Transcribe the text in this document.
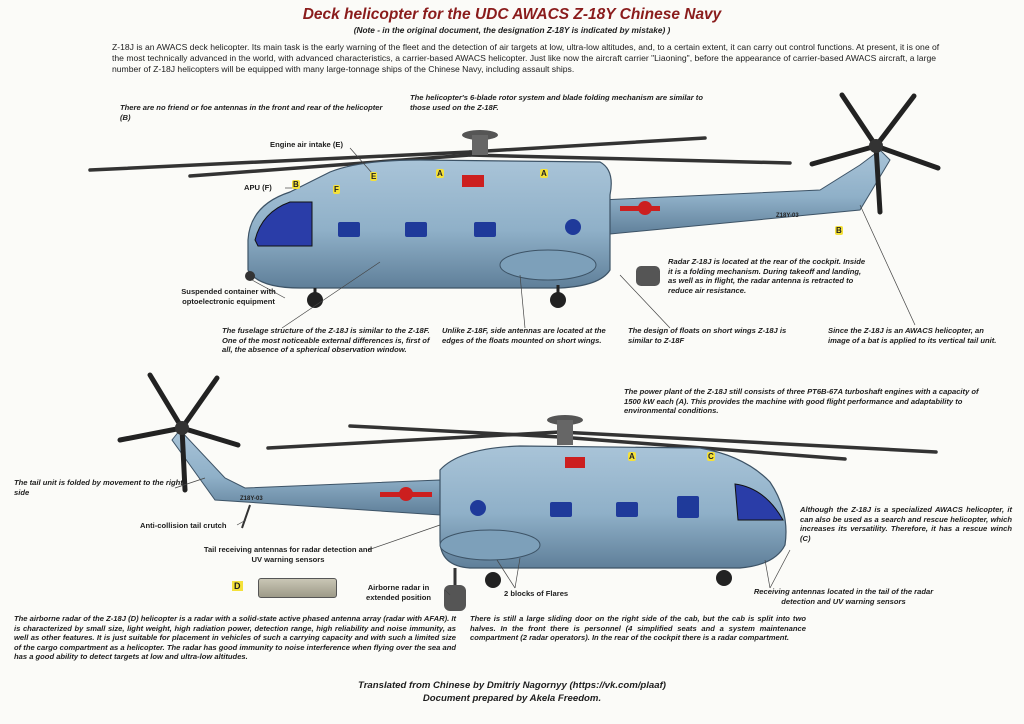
Deck helicopter for the UDC AWACS Z-18Y Chinese Navy
(Note - in the original document, the designation Z-18Y is indicated by mistake) )
Z-18J is an AWACS deck helicopter. Its main task is the early warning of the fleet and the detection of air targets at low, ultra-low altitudes, and, to a certain extent, it can carry out control functions. At present, it is one of the most technically advanced in the world, with advanced characteristics, a carrier-based AWACS helicopter. Just like now the aircraft carrier "Liaoning", before the appearance of carrier-based AWACS aircraft, a large number of Z-18J helicopters will be equipped with many large-tonnage ships of the Chinese Navy, including assault ships.
Z18Y-03
Z18Y-03
B
F
E	A	A
B
A	C
D
There are no friend or foe antennas in the front and rear of the helicopter (B)
The helicopter's 6-blade rotor system and blade folding mechanism are similar to those used on the Z-18F.
Engine air intake (E)
APU (F)
Suspended container with optoelectronic equipment
Radar Z-18J is located at the rear of the cockpit. Inside it is a folding mechanism. During takeoff and landing, as well as in flight, the radar antenna is retracted to reduce air resistance.
The fuselage structure of the Z-18J is similar to the Z-18F. One of the most noticeable external differences is, first of all, the absence of a spherical observation window.
Unlike Z-18F, side antennas are located at the edges of the floats mounted on short wings.
The design of floats on short wings Z-18J is similar to Z-18F
Since the Z-18J is an AWACS helicopter, an image of a bat is applied to its vertical tail unit.
The power plant of the Z-18J still consists of three PT6B-67A turboshaft engines with a capacity of 1500 kW each (A). This provides the machine with good flight performance and adaptability to environmental conditions.
The tail unit is folded by movement to the right side
Anti-collision tail crutch
Tail receiving antennas for radar detection and UV warning sensors
Although the Z-18J is a specialized AWACS helicopter, it can also be used as a search and rescue helicopter, which increases its versatility. Therefore, it has a rescue winch (C)
Airborne radar in extended position	2 blocks of Flares	Receiving antennas located in the tail of the radar detection and UV warning sensors
The airborne radar of the Z-18J (D) helicopter is a radar with a solid-state active phased antenna array (radar with AFAR). It is characterized by small size, light weight, high radiation power, detection range, high reliability and noise immunity, as well as other features. It is just suitable for placement in vehicles of such a carrying capacity and with such a limited size of the cargo compartment as a helicopter. The radar has good immunity to noise interference when flying over the sea and has a good ability to detect targets at low and ultra-low altitudes.
There is still a large sliding door on the right side of the cab, but the cab is split into two halves. In the front there is personnel (4 simplified seats and a system maintenance compartment (2 radar operators). In the rear of the cockpit there is a radar compartment.
Translated from Chinese by Dmitriy Nagornyy (https://vk.com/plaaf)
Document prepared by Akela Freedom.
